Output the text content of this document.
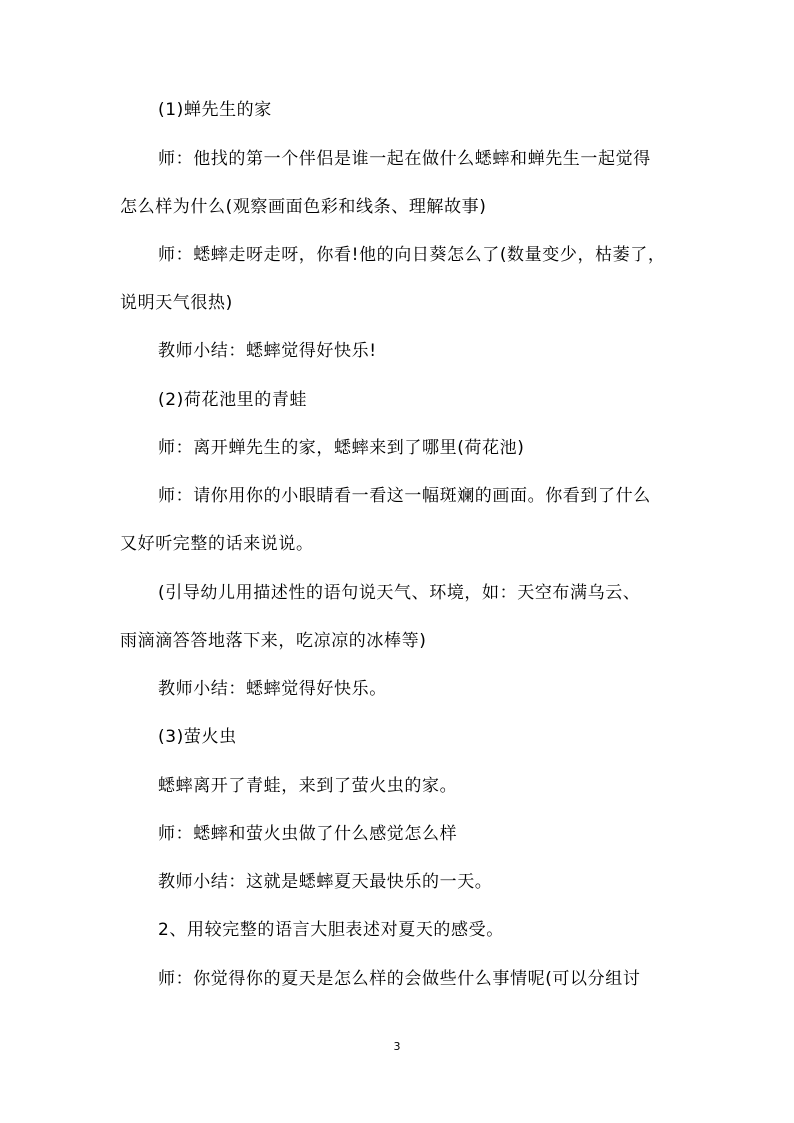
(1)蝉先生的家
师：他找的第一个伴侣是谁一起在做什么蟋蟀和蝉先生一起觉得
怎么样为什么(观察画面色彩和线条、理解故事)
师：蟋蟀走呀走呀，你看!他的向日葵怎么了(数量变少，枯萎了，
说明天气很热)
教师小结：蟋蟀觉得好快乐!
(2)荷花池里的青蛙
师：离开蝉先生的家，蟋蟀来到了哪里(荷花池)
师：请你用你的小眼睛看一看这一幅斑斓的画面。你看到了什么
又好听完整的话来说说。
(引导幼儿用描述性的语句说天气、环境，如：天空布满乌云、
雨滴滴答答地落下来，吃凉凉的冰棒等)
教师小结：蟋蟀觉得好快乐。
(3)萤火虫
蟋蟀离开了青蛙，来到了萤火虫的家。
师：蟋蟀和萤火虫做了什么感觉怎么样
教师小结：这就是蟋蟀夏天最快乐的一天。
2、用较完整的语言大胆表述对夏天的感受。
师：你觉得你的夏天是怎么样的会做些什么事情呢(可以分组讨
3
